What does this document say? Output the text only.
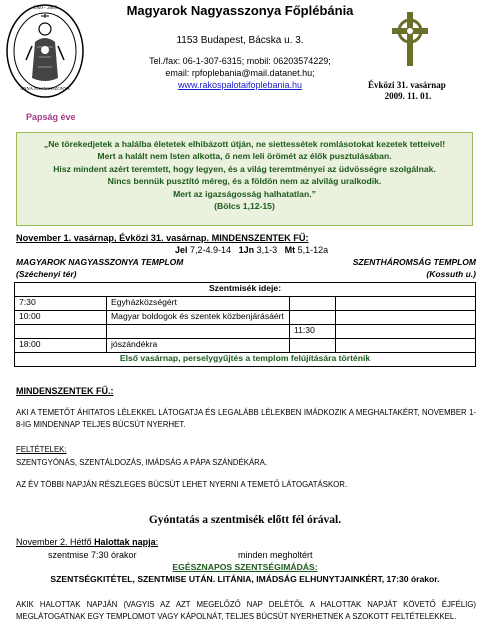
1909 - 2009
ANNA NAGYASSZONYA
Magyarok Nagyasszonya Főplébánia
1153 Budapest, Bácska u. 3.
Tel./fax: 06-1-307-6315; mobil: 06203574229;
email: rpfoplebania@mail.datanet.hu;
www.rakospalotaifoplebania.hu	Évközi 31. vasárnap
2009. 11. 01.
Papság éve
„Ne törekedjetek a halálba életetek elhibázott útján, ne siettessétek romlásotokat kezetek tetteivel!
Mert a halált nem Isten alkotta, ő nem leli örömét az élők pusztulásában.
Hisz mindent azért teremtett, hogy legyen, és a világ teremtményei az üdvösségre szolgálnak.
Nincs bennük pusztító méreg, és a földön nem az alvilág uralkodik.
Mert az igazságosság halhatatlan.”
(Bölcs 1,12-15)
November 1. vasárnap, Évközi 31. vasárnap. MINDENSZENTEK FŰ:
Jel 7,2-4.9-14 1Jn 3,1-3 Mt 5,1-12a
MAGYAROK NAGYASSZONYA TEMPLOM
(Széchenyi tér)
SZENTHÁROMSÁG TEMPLOM
(Kossuth u.)
Szentmisék ideje:			
7:30	Egyházközségért		
10:00	Magyar boldogok és szentek közbenjárásáért		
		11:30	
18:00	jószándékra		
Első vasárnap, perselygyűjtés a templom felújítására történik			
MINDENSZENTEK FŰ.:
AKI A TEMETŐT ÁHITATOS LÉLEKKEL LÁTOGATJA ÉS LEGALÁBB LÉLEKBEN IMÁDKOZIK A MEGHALTAKÉRT, NOVEMBER 1-8-IG MINDENNAP TELJES BÚCSÚT NYERHET.
FELTÉTELEK:
SZENTGYÓNÁS, SZENTÁLDOZÁS, IMÁDSÁG A PÁPA SZÁNDÉKÁRA.
AZ ÉV TÖBBI NAPJÁN RÉSZLEGES BÚCSÚT LEHET NYERNI A TEMETŐ LÁTOGATÁSKOR.
Gyóntatás a szentmisék előtt fél órával.
November 2. Hétfő Halottak napja:
szentmise 7:30 órakor	minden megholtért
EGÉSZNAPOS SZENTSÉGIMÁDÁS:
SZENTSÉGKITÉTEL, SZENTMISE UTÁN. LITÁNIA, IMÁDSÁG ELHUNYTJAINKÉRT, 17:30 órakor.
AKIK HALOTTAK NAPJÁN (VAGYIS AZ AZT MEGELŐZŐ NAP DELÉTŐL A HALOTTAK NAPJÁT KÖVETŐ ÉJFÉLIG) MEGLÁTOGATNAK EGY TEMPLOMOT VAGY KÁPOLNÁT, TELJES BÚCSÚT NYERHETNEK A SZOKOTT FELTÉTELEKKEL.
